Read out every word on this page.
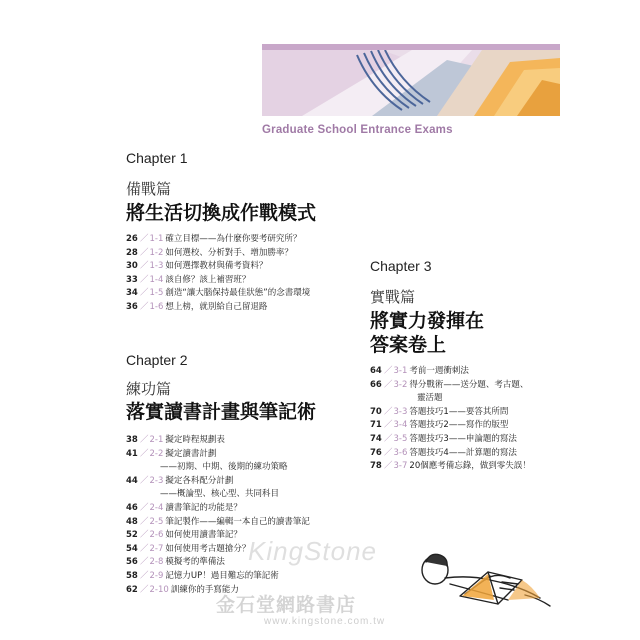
Graduate School Entrance Exams
Chapter 1
備戰篇
將生活切換成作戰模式
26 ／1-1 確立目標——為什麼你要考研究所？
28 ／1-2 如何選校、分析對手、增加勝率？
30 ／1-3 如何選擇教材與備考資料？
33 ／1-4 該自修？該上補習班？
34 ／1-5 創造“讓大腦保持最佳狀態”的念書環境
36 ／1-6 想上榜，就別給自己留退路
Chapter 2
練功篇
落實讀書計畫與筆記術
38 ／2-1 擬定時程規劃表
41 ／2-2 擬定讀書計劃
——初期、中期、後期的練功策略
44 ／2-3 擬定各科配分計劃
——概論型、核心型、共同科目
46 ／2-4 讀書筆記的功能是？
48 ／2-5 筆記製作——編輯一本自己的讀書筆記
52 ／2-6 如何使用讀書筆記？
54 ／2-7 如何使用考古題搶分？
56 ／2-8 模擬考的準備法
58 ／2-9 記憶力UP！過目難忘的筆記術
62 ／2-10 訓練你的手寫能力
Chapter 3
實戰篇
將實力發揮在
答案卷上
64 ／3-1 考前一週衝刺法
66 ／3-2 得分戰術——送分題、考古題、
靈活題
70 ／3-3 答題技巧1——要答其所問
71 ／3-4 答題技巧2——寫作的版型
74 ／3-5 答題技巧3——申論題的寫法
76 ／3-6 答題技巧4——計算題的寫法
78 ／3-7 20個應考備忘錄，做到零失誤！
KingStone
金石堂網路書店
www.kingstone.com.tw
